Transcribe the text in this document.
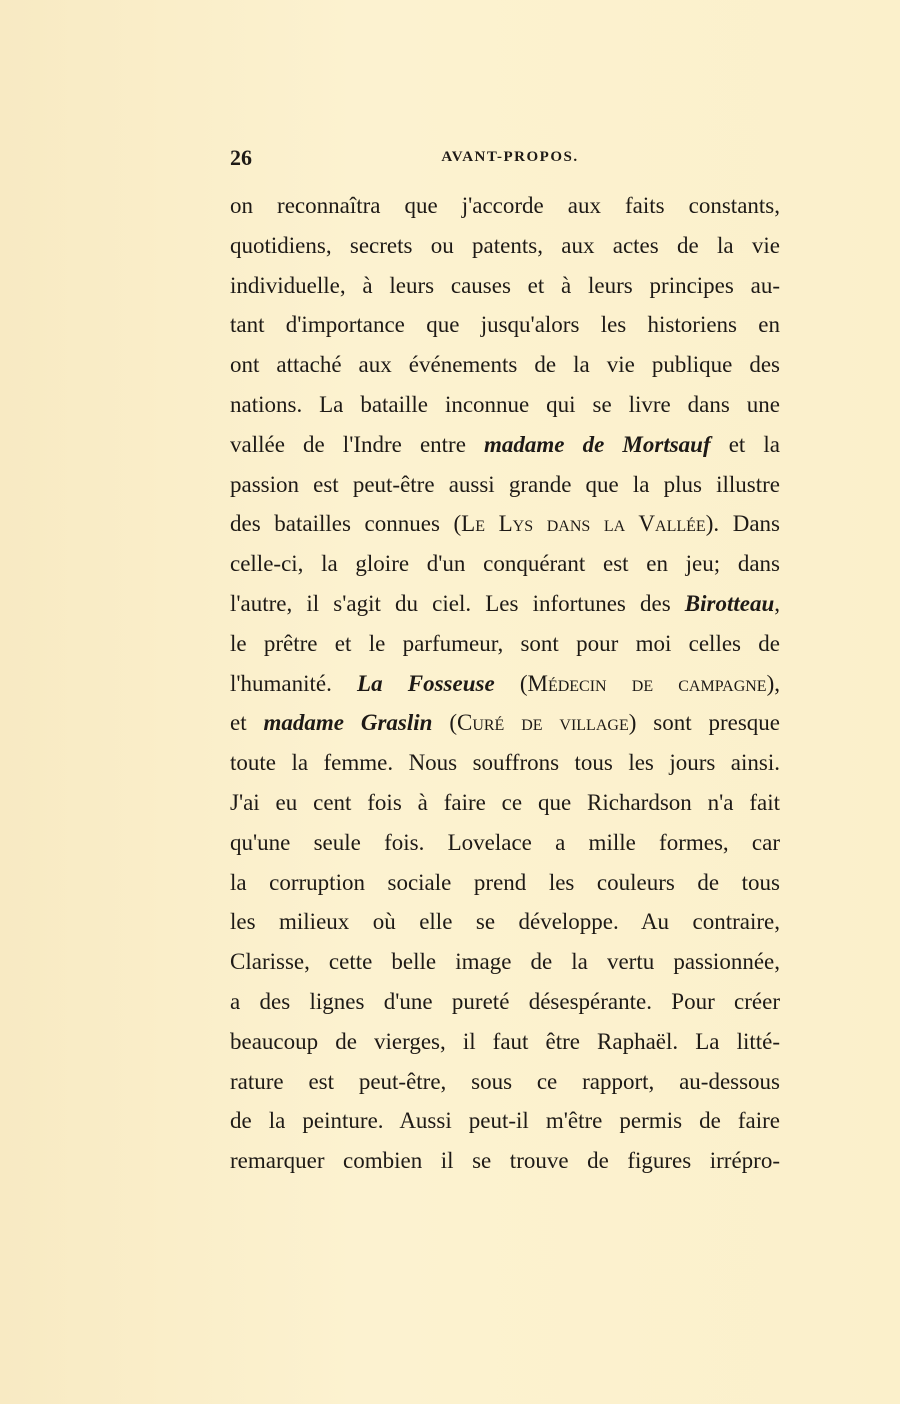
26	AVANT-PROPOS.
on reconnaîtra que j'accorde aux faits constants,
quotidiens, secrets ou patents, aux actes de la vie
individuelle, à leurs causes et à leurs principes au-
tant d'importance que jusqu'alors les historiens en
ont attaché aux événements de la vie publique des
nations. La bataille inconnue qui se livre dans une
vallée de l'Indre entre madame de Mortsauf et la
passion est peut-être aussi grande que la plus illustre
des batailles connues (Le Lys dans la Vallée). Dans
celle-ci, la gloire d'un conquérant est en jeu; dans
l'autre, il s'agit du ciel. Les infortunes des Birotteau,
le prêtre et le parfumeur, sont pour moi celles de
l'humanité. La Fosseuse (Médecin de campagne),
et madame Graslin (Curé de village) sont presque
toute la femme. Nous souffrons tous les jours ainsi.
J'ai eu cent fois à faire ce que Richardson n'a fait
qu'une seule fois. Lovelace a mille formes, car
la corruption sociale prend les couleurs de tous
les milieux où elle se développe. Au contraire,
Clarisse, cette belle image de la vertu passionnée,
a des lignes d'une pureté désespérante. Pour créer
beaucoup de vierges, il faut être Raphaël. La litté-
rature est peut-être, sous ce rapport, au-dessous
de la peinture. Aussi peut-il m'être permis de faire
remarquer combien il se trouve de figures irrépro-
